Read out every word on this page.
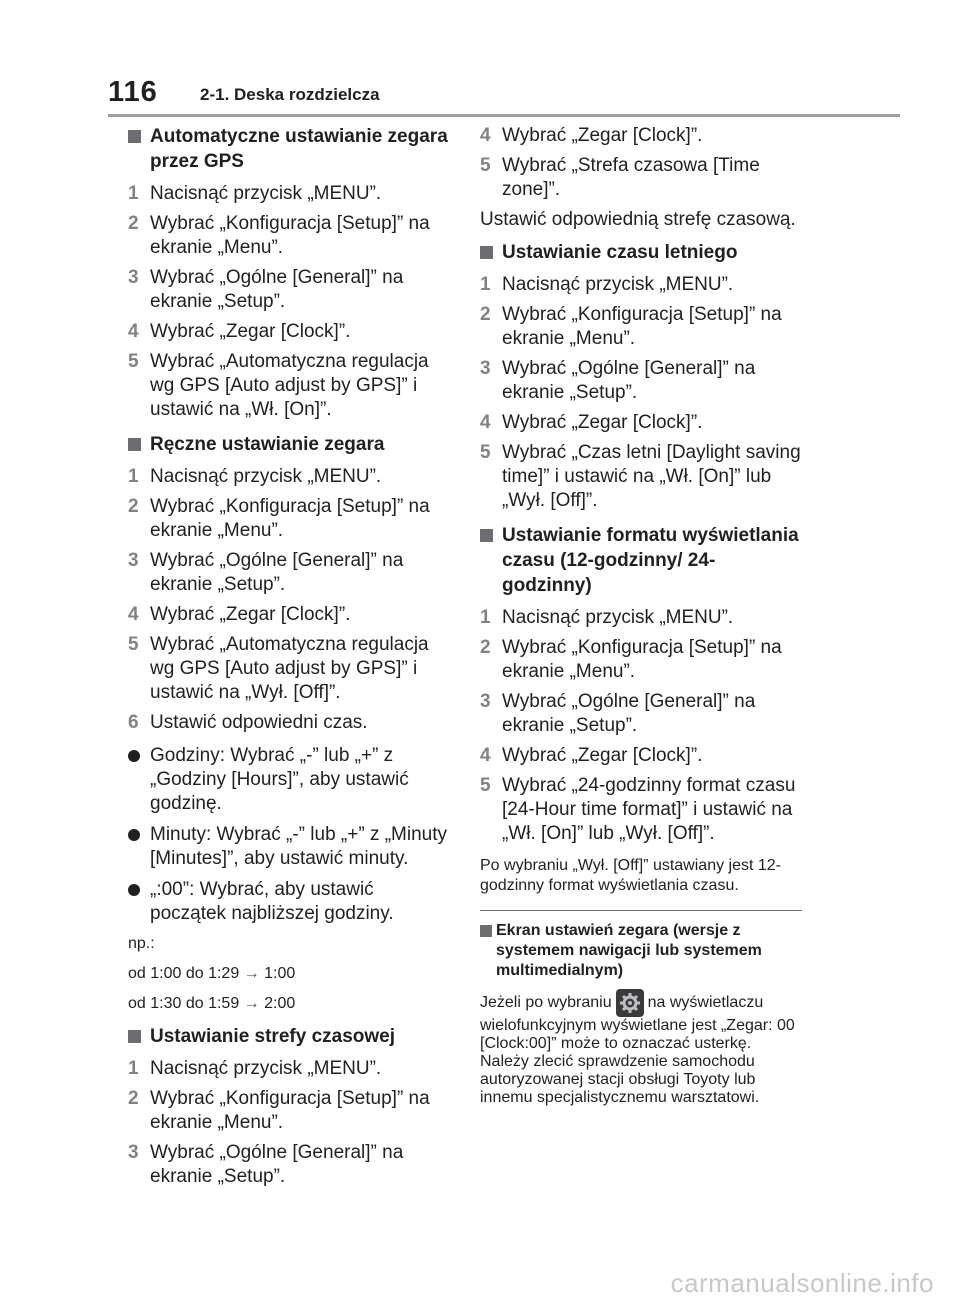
116 2-1. Deska rozdzielcza
Automatyczne ustawianie zegara przez GPS
1 Nacisnąć przycisk „MENU”.
2 Wybrać „Konfiguracja [Setup]” na ekranie „Menu”.
3 Wybrać „Ogólne [General]” na ekranie „Setup”.
4 Wybrać „Zegar [Clock]”.
5 Wybrać „Automatyczna regulacja wg GPS [Auto adjust by GPS]” i ustawić na „Wł. [On]”.
Ręczne ustawianie zegara
1 Nacisnąć przycisk „MENU”.
2 Wybrać „Konfiguracja [Setup]” na ekranie „Menu”.
3 Wybrać „Ogólne [General]” na ekranie „Setup”.
4 Wybrać „Zegar [Clock]”.
5 Wybrać „Automatyczna regulacja wg GPS [Auto adjust by GPS]” i ustawić na „Wył. [Off]”.
6 Ustawić odpowiedni czas.
Godziny: Wybrać „-” lub „+” z „Godziny [Hours]”, aby ustawić godzinę.
Minuty: Wybrać „-” lub „+” z „Minuty [Minutes]”, aby ustawić minuty.
„:00”: Wybrać, aby ustawić początek najbliższej godziny.
np.:
od 1:00 do 1:29 → 1:00
od 1:30 do 1:59 → 2:00
Ustawianie strefy czasowej
1 Nacisnąć przycisk „MENU”.
2 Wybrać „Konfiguracja [Setup]” na ekranie „Menu”.
3 Wybrać „Ogólne [General]” na ekranie „Setup”.
4 Wybrać „Zegar [Clock]”.
5 Wybrać „Strefa czasowa [Time zone]”.
Ustawić odpowiednią strefę czasową.
Ustawianie czasu letniego
1 Nacisnąć przycisk „MENU”.
2 Wybrać „Konfiguracja [Setup]” na ekranie „Menu”.
3 Wybrać „Ogólne [General]” na ekranie „Setup”.
4 Wybrać „Zegar [Clock]”.
5 Wybrać „Czas letni [Daylight saving time]” i ustawić na „Wł. [On]” lub „Wył. [Off]”.
Ustawianie formatu wyświetlania czasu (12-godzinny/ 24-godzinny)
1 Nacisnąć przycisk „MENU”.
2 Wybrać „Konfiguracja [Setup]” na ekranie „Menu”.
3 Wybrać „Ogólne [General]” na ekranie „Setup”.
4 Wybrać „Zegar [Clock]”.
5 Wybrać „24-godzinny format czasu [24-Hour time format]” i ustawić na „Wł. [On]” lub „Wył. [Off]”.
Po wybraniu „Wył. [Off]” ustawiany jest 12-godzinny format wyświetlania czasu.
Ekran ustawień zegara (wersje z systemem nawigacji lub systemem multimedialnym)
Jeżeli po wybraniu na wyświetlaczu wielofunkcyjnym wyświetlane jest „Zegar: 00 [Clock:00]” może to oznaczać usterkę. Należy zlecić sprawdzenie samochodu autoryzowanej stacji obsługi Toyoty lub innemu specjalistycznemu warsztatowi.
carmanualsonline.info
